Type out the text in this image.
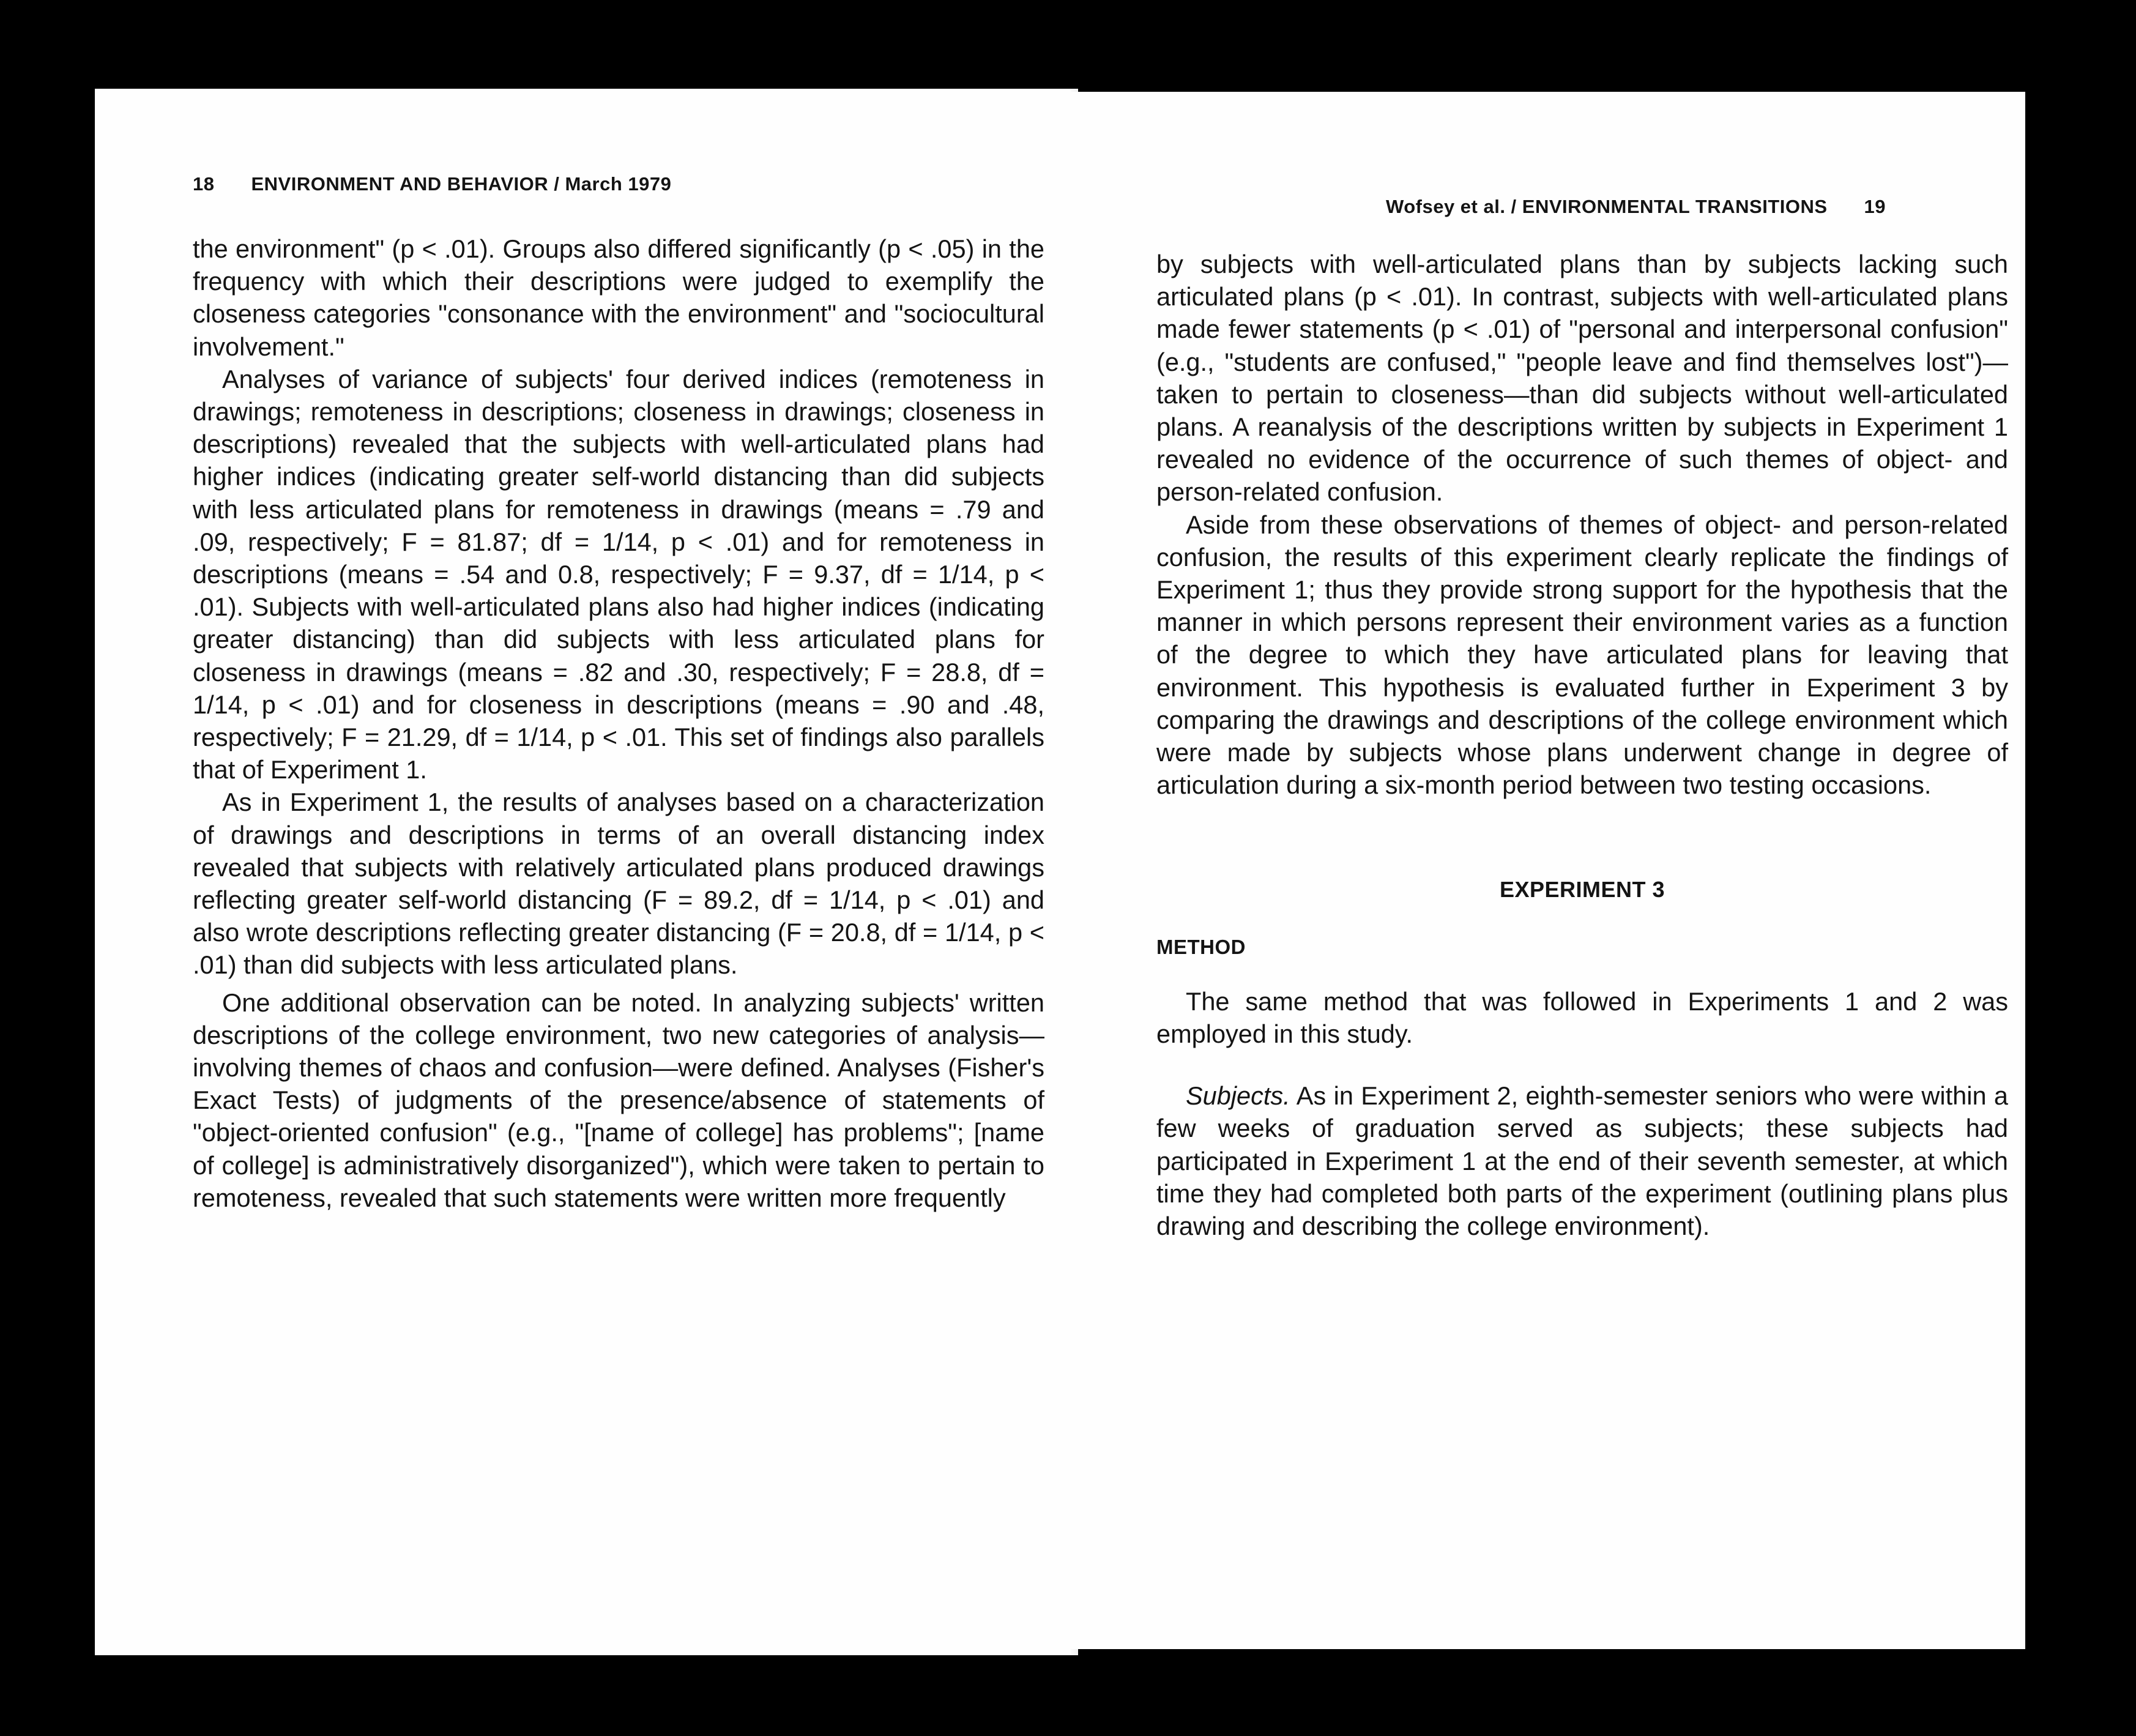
18 ENVIRONMENT AND BEHAVIOR / March 1979

the environment" (p < .01). Groups also differed significantly (p < .05) in the frequency with which their descriptions were judged to exemplify the closeness categories "consonance with the environment" and "sociocultural involvement."

Analyses of variance of subjects' four derived indices (remoteness in drawings; remoteness in descriptions; closeness in drawings; closeness in descriptions) revealed that the subjects with well-articulated plans had higher indices (indicating greater self-world distancing than did subjects with less articulated plans for remoteness in drawings (means = .79 and .09, respectively; F = 81.87; df = 1/14, p < .01) and for remoteness in descriptions (means = .54 and 0.8, respectively; F = 9.37, df = 1/14, p < .01). Subjects with well-articulated plans also had higher indices (indicating greater distancing) than did subjects with less articulated plans for closeness in drawings (means = .82 and .30, respectively; F = 28.8, df = 1/14, p < .01) and for closeness in descriptions (means = .90 and .48, respectively; F = 21.29, df = 1/14, p < .01. This set of findings also parallels that of Experiment 1.

As in Experiment 1, the results of analyses based on a characterization of drawings and descriptions in terms of an overall distancing index revealed that subjects with relatively articulated plans produced drawings reflecting greater self-world distancing (F = 89.2, df = 1/14, p < .01) and also wrote descriptions reflecting greater distancing (F = 20.8, df = 1/14, p < .01) than did subjects with less articulated plans.

One additional observation can be noted. In analyzing subjects' written descriptions of the college environment, two new categories of analysis—involving themes of chaos and confusion—were defined. Analyses (Fisher's Exact Tests) of judgments of the presence/absence of statements of "object-oriented confusion" (e.g., "[name of college] has problems"; [name of college] is administratively disorganized"), which were taken to pertain to remoteness, revealed that such statements were written more frequently

Wofsey et al. / ENVIRONMENTAL TRANSITIONS 19

by subjects with well-articulated plans than by subjects lacking such articulated plans (p < .01). In contrast, subjects with well-articulated plans made fewer statements (p < .01) of "personal and interpersonal confusion" (e.g., "students are confused," "people leave and find themselves lost")—taken to pertain to closeness—than did subjects without well-articulated plans. A reanalysis of the descriptions written by subjects in Experiment 1 revealed no evidence of the occurrence of such themes of object- and person-related confusion.

Aside from these observations of themes of object- and person-related confusion, the results of this experiment clearly replicate the findings of Experiment 1; thus they provide strong support for the hypothesis that the manner in which persons represent their environment varies as a function of the degree to which they have articulated plans for leaving that environment. This hypothesis is evaluated further in Experiment 3 by comparing the drawings and descriptions of the college environment which were made by subjects whose plans underwent change in degree of articulation during a six-month period between two testing occasions.

EXPERIMENT 3

METHOD

The same method that was followed in Experiments 1 and 2 was employed in this study.

Subjects. As in Experiment 2, eighth-semester seniors who were within a few weeks of graduation served as subjects; these subjects had participated in Experiment 1 at the end of their seventh semester, at which time they had completed both parts of the experiment (outlining plans plus drawing and describing the college environment).
